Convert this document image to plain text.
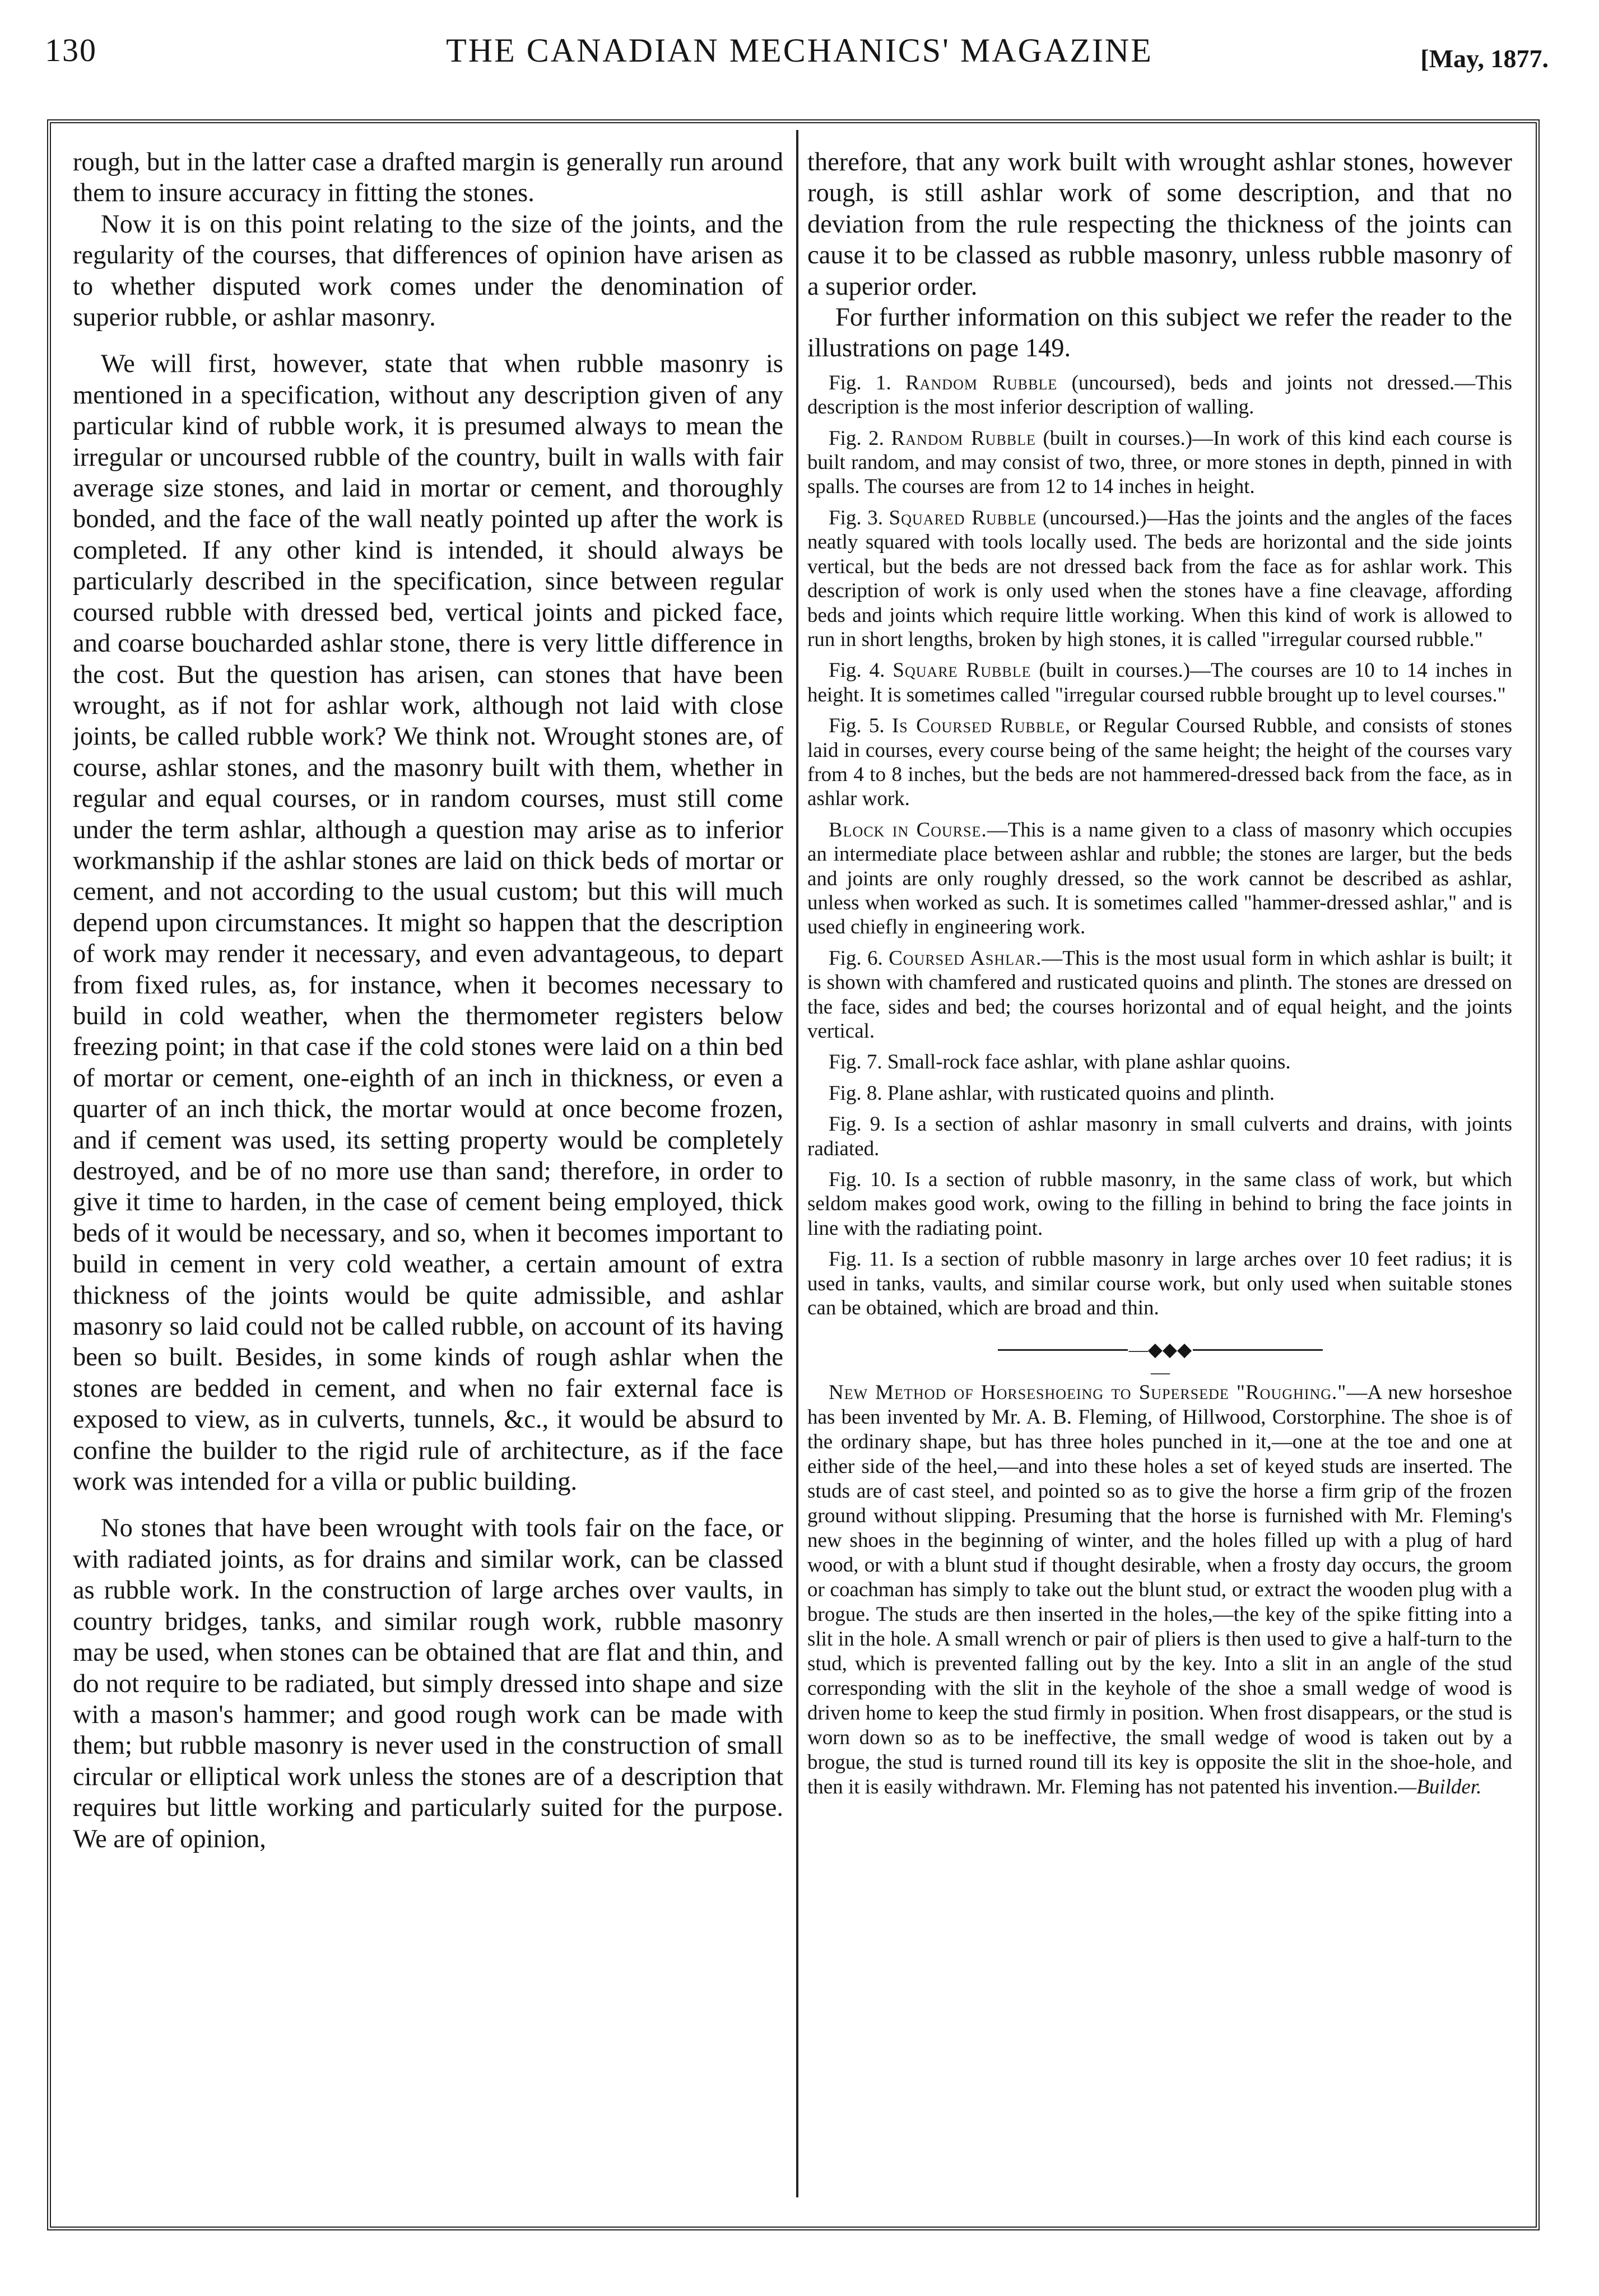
130	THE CANADIAN MECHANICS' MAGAZINE	[May, 1877.

rough, but in the latter case a drafted margin is generally run around them to insure accuracy in fitting the stones.

Now it is on this point relating to the size of the joints, and the regularity of the courses, that differences of opinion have arisen as to whether disputed work comes under the denomination of superior rubble, or ashlar masonry.

We will first, however, state that when rubble masonry is mentioned in a specification, without any description given of any particular kind of rubble work, it is presumed always to mean the irregular or uncoursed rubble of the country, built in walls with fair average size stones, and laid in mortar or cement, and thoroughly bonded, and the face of the wall neatly pointed up after the work is completed. If any other kind is intended, it should always be particularly described in the specification, since between regular coursed rubble with dressed bed, vertical joints and picked face, and coarse boucharded ashlar stone, there is very little difference in the cost. But the question has arisen, can stones that have been wrought, as if not for ashlar work, although not laid with close joints, be called rubble work? We think not. Wrought stones are, of course, ashlar stones, and the masonry built with them, whether in regular and equal courses, or in random courses, must still come under the term ashlar, although a question may arise as to inferior workmanship if the ashlar stones are laid on thick beds of mortar or cement, and not according to the usual custom; but this will much depend upon circumstances. It might so happen that the description of work may render it necessary, and even advantageous, to depart from fixed rules, as, for instance, when it becomes necessary to build in cold weather, when the thermometer registers below freezing point; in that case if the cold stones were laid on a thin bed of mortar or cement, one-eighth of an inch in thickness, or even a quarter of an inch thick, the mortar would at once become frozen, and if cement was used, its setting property would be completely destroyed, and be of no more use than sand; therefore, in order to give it time to harden, in the case of cement being employed, thick beds of it would be necessary, and so, when it becomes important to build in cement in very cold weather, a certain amount of extra thickness of the joints would be quite admissible, and ashlar masonry so laid could not be called rubble, on account of its having been so built. Besides, in some kinds of rough ashlar when the stones are bedded in cement, and when no fair external face is exposed to view, as in culverts, tunnels, &c., it would be absurd to confine the builder to the rigid rule of architecture, as if the face work was intended for a villa or public building.

No stones that have been wrought with tools fair on the face, or with radiated joints, as for drains and similar work, can be classed as rubble work. In the construction of large arches over vaults, in country bridges, tanks, and similar rough work, rubble masonry may be used, when stones can be obtained that are flat and thin, and do not require to be radiated, but simply dressed into shape and size with a mason's hammer; and good rough work can be made with them; but rubble masonry is never used in the construction of small circular or elliptical work unless the stones are of a description that requires but little working and particularly suited for the purpose. We are of opinion,

therefore, that any work built with wrought ashlar stones, however rough, is still ashlar work of some description, and that no deviation from the rule respecting the thickness of the joints can cause it to be classed as rubble masonry, unless rubble masonry of a superior order.

For further information on this subject we refer the reader to the illustrations on page 149.

Fig. 1. Random Rubble (uncoursed), beds and joints not dressed.—This description is the most inferior description of walling.

Fig. 2. Random Rubble (built in courses.)—In work of this kind each course is built random, and may consist of two, three, or more stones in depth, pinned in with spalls. The courses are from 12 to 14 inches in height.

Fig. 3. Squared Rubble (uncoursed.)—Has the joints and the angles of the faces neatly squared with tools locally used. The beds are horizontal and the side joints vertical, but the beds are not dressed back from the face as for ashlar work. This description of work is only used when the stones have a fine cleavage, affording beds and joints which require little working. When this kind of work is allowed to run in short lengths, broken by high stones, it is called "irregular coursed rubble."

Fig. 4. Square Rubble (built in courses.)—The courses are 10 to 14 inches in height. It is sometimes called "irregular coursed rubble brought up to level courses."

Fig. 5. Is Coursed Rubble, or Regular Coursed Rubble, and consists of stones laid in courses, every course being of the same height; the height of the courses vary from 4 to 8 inches, but the beds are not hammered-dressed back from the face, as in ashlar work.

Block in Course.—This is a name given to a class of masonry which occupies an intermediate place between ashlar and rubble; the stones are larger, but the beds and joints are only roughly dressed, so the work cannot be described as ashlar, unless when worked as such. It is sometimes called "hammer-dressed ashlar," and is used chiefly in engineering work.

Fig. 6. Coursed Ashlar.—This is the most usual form in which ashlar is built; it is shown with chamfered and rusticated quoins and plinth. The stones are dressed on the face, sides and bed; the courses horizontal and of equal height, and the joints vertical.

Fig. 7. Small-rock face ashlar, with plane ashlar quoins.

Fig. 8. Plane ashlar, with rusticated quoins and plinth.

Fig. 9. Is a section of ashlar masonry in small culverts and drains, with joints radiated.

Fig. 10. Is a section of rubble masonry, in the same class of work, but which seldom makes good work, owing to the filling in behind to bring the face joints in line with the radiating point.

Fig. 11. Is a section of rubble masonry in large arches over 10 feet radius; it is used in tanks, vaults, and similar course work, but only used when suitable stones can be obtained, which are broad and thin.

—◆◆◆—

New Method of Horseshoeing to Supersede "Roughing."—A new horseshoe has been invented by Mr. A. B. Fleming, of Hillwood, Corstorphine. The shoe is of the ordinary shape, but has three holes punched in it,—one at the toe and one at either side of the heel,—and into these holes a set of keyed studs are inserted. The studs are of cast steel, and pointed so as to give the horse a firm grip of the frozen ground without slipping. Presuming that the horse is furnished with Mr. Fleming's new shoes in the beginning of winter, and the holes filled up with a plug of hard wood, or with a blunt stud if thought desirable, when a frosty day occurs, the groom or coachman has simply to take out the blunt stud, or extract the wooden plug with a brogue. The studs are then inserted in the holes,—the key of the spike fitting into a slit in the hole. A small wrench or pair of pliers is then used to give a half-turn to the stud, which is prevented falling out by the key. Into a slit in an angle of the stud corresponding with the slit in the keyhole of the shoe a small wedge of wood is driven home to keep the stud firmly in position. When frost disappears, or the stud is worn down so as to be ineffective, the small wedge of wood is taken out by a brogue, the stud is turned round till its key is opposite the slit in the shoe-hole, and then it is easily withdrawn. Mr. Fleming has not patented his invention.—Builder.
